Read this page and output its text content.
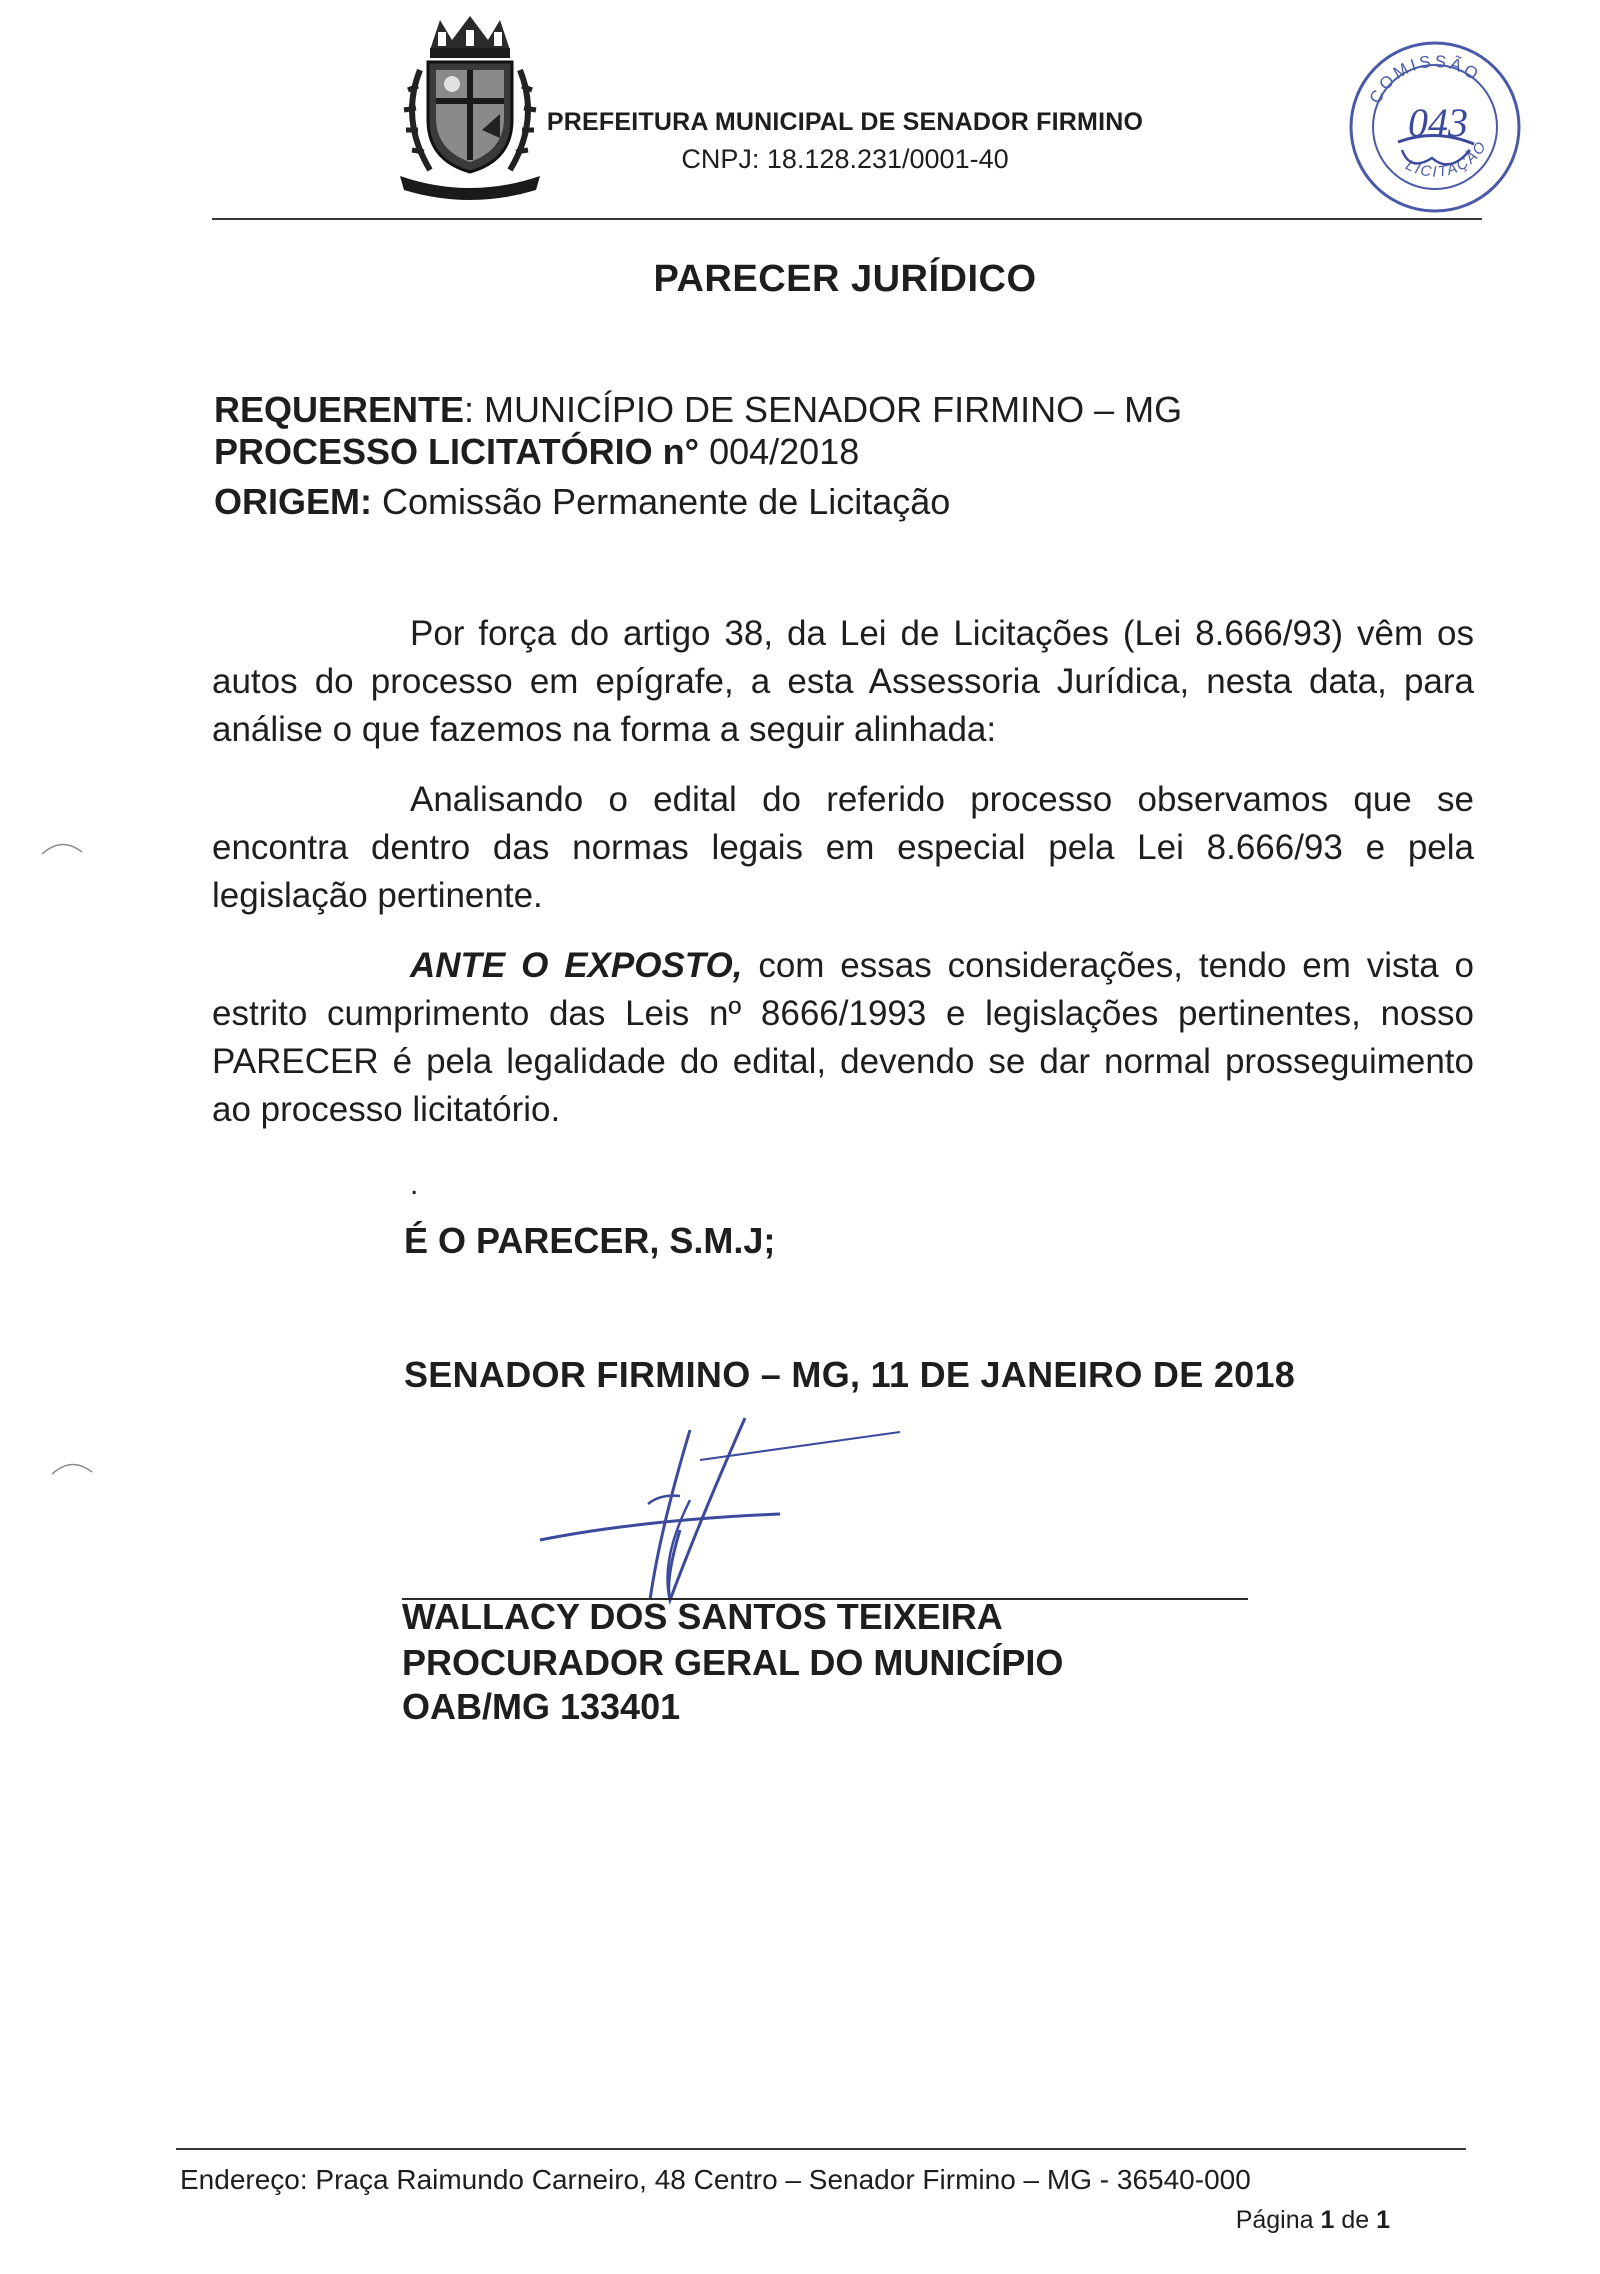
PREFEITURA MUNICIPAL DE SENADOR FIRMINO
CNPJ: 18.128.231/0001-40
COMISSÃO
LICITAÇÃO
043
PARECER JURÍDICO
REQUERENTE: MUNICÍPIO DE SENADOR FIRMINO – MG
PROCESSO LICITATÓRIO n° 004/2018
ORIGEM: Comissão Permanente de Licitação
Por força do artigo 38, da Lei de Licitações (Lei 8.666/93) vêm os autos do processo em epígrafe, a esta Assessoria Jurídica, nesta data, para análise o que fazemos na forma a seguir alinhada:
Analisando o edital do referido processo observamos que se encontra dentro das normas legais em especial pela Lei 8.666/93 e pela legislação pertinente.
ANTE O EXPOSTO, com essas considerações, tendo em vista o estrito cumprimento das Leis nº 8666/1993 e legislações pertinentes, nosso PARECER é pela legalidade do edital, devendo se dar normal prosseguimento ao processo licitatório.
.
É O PARECER, S.M.J;
SENADOR FIRMINO – MG, 11 DE JANEIRO DE 2018
WALLACY DOS SANTOS TEIXEIRA
PROCURADOR GERAL DO MUNICÍPIO
OAB/MG 133401
Endereço: Praça Raimundo Carneiro, 48 Centro – Senador Firmino – MG - 36540-000
Página 1 de 1
